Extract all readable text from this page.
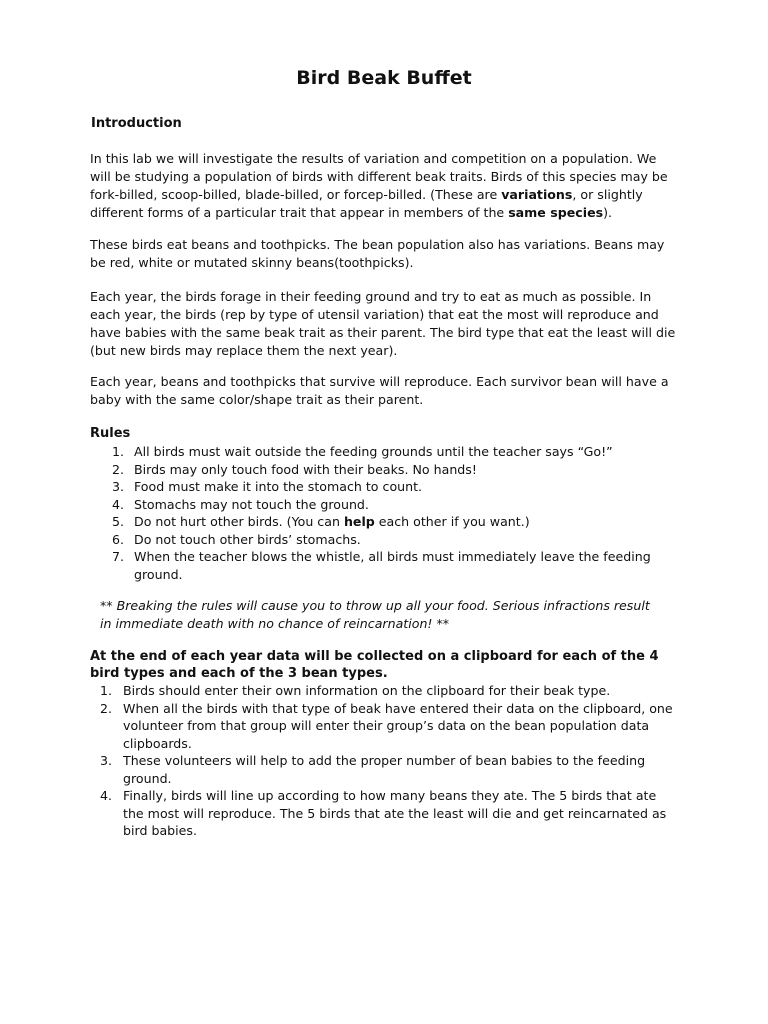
Bird Beak Buffet
Introduction

In this lab we will investigate the results of variation and competition on a population. We will be studying a population of birds with different beak traits. Birds of this species may be fork-billed, scoop-billed, blade-billed, or forcep-billed. (These are variations, or slightly different forms of a particular trait that appear in members of the same species).

These birds eat beans and toothpicks. The bean population also has variations. Beans may be red, white or mutated skinny beans(toothpicks).

Each year, the birds forage in their feeding ground and try to eat as much as possible. In each year, the birds (rep by type of utensil variation) that eat the most will reproduce and have babies with the same beak trait as their parent. The bird type that eat the least will die (but new birds may replace them the next year).

Each year, beans and toothpicks that survive will reproduce. Each survivor bean will have a baby with the same color/shape trait as their parent.

Rules
1. All birds must wait outside the feeding grounds until the teacher says “Go!”
2. Birds may only touch food with their beaks. No hands!
3. Food must make it into the stomach to count.
4. Stomachs may not touch the ground.
5. Do not hurt other birds. (You can help each other if you want.)
6. Do not touch other birds’ stomachs.
7. When the teacher blows the whistle, all birds must immediately leave the feeding ground.

** Breaking the rules will cause you to throw up all your food. Serious infractions result in immediate death with no chance of reincarnation! **

At the end of each year data will be collected on a clipboard for each of the 4 bird types and each of the 3 bean types.
1. Birds should enter their own information on the clipboard for their beak type.
2. When all the birds with that type of beak have entered their data on the clipboard, one volunteer from that group will enter their group’s data on the bean population data clipboards.
3. These volunteers will help to add the proper number of bean babies to the feeding ground.
4. Finally, birds will line up according to how many beans they ate. The 5 birds that ate the most will reproduce. The 5 birds that ate the least will die and get reincarnated as bird babies.
